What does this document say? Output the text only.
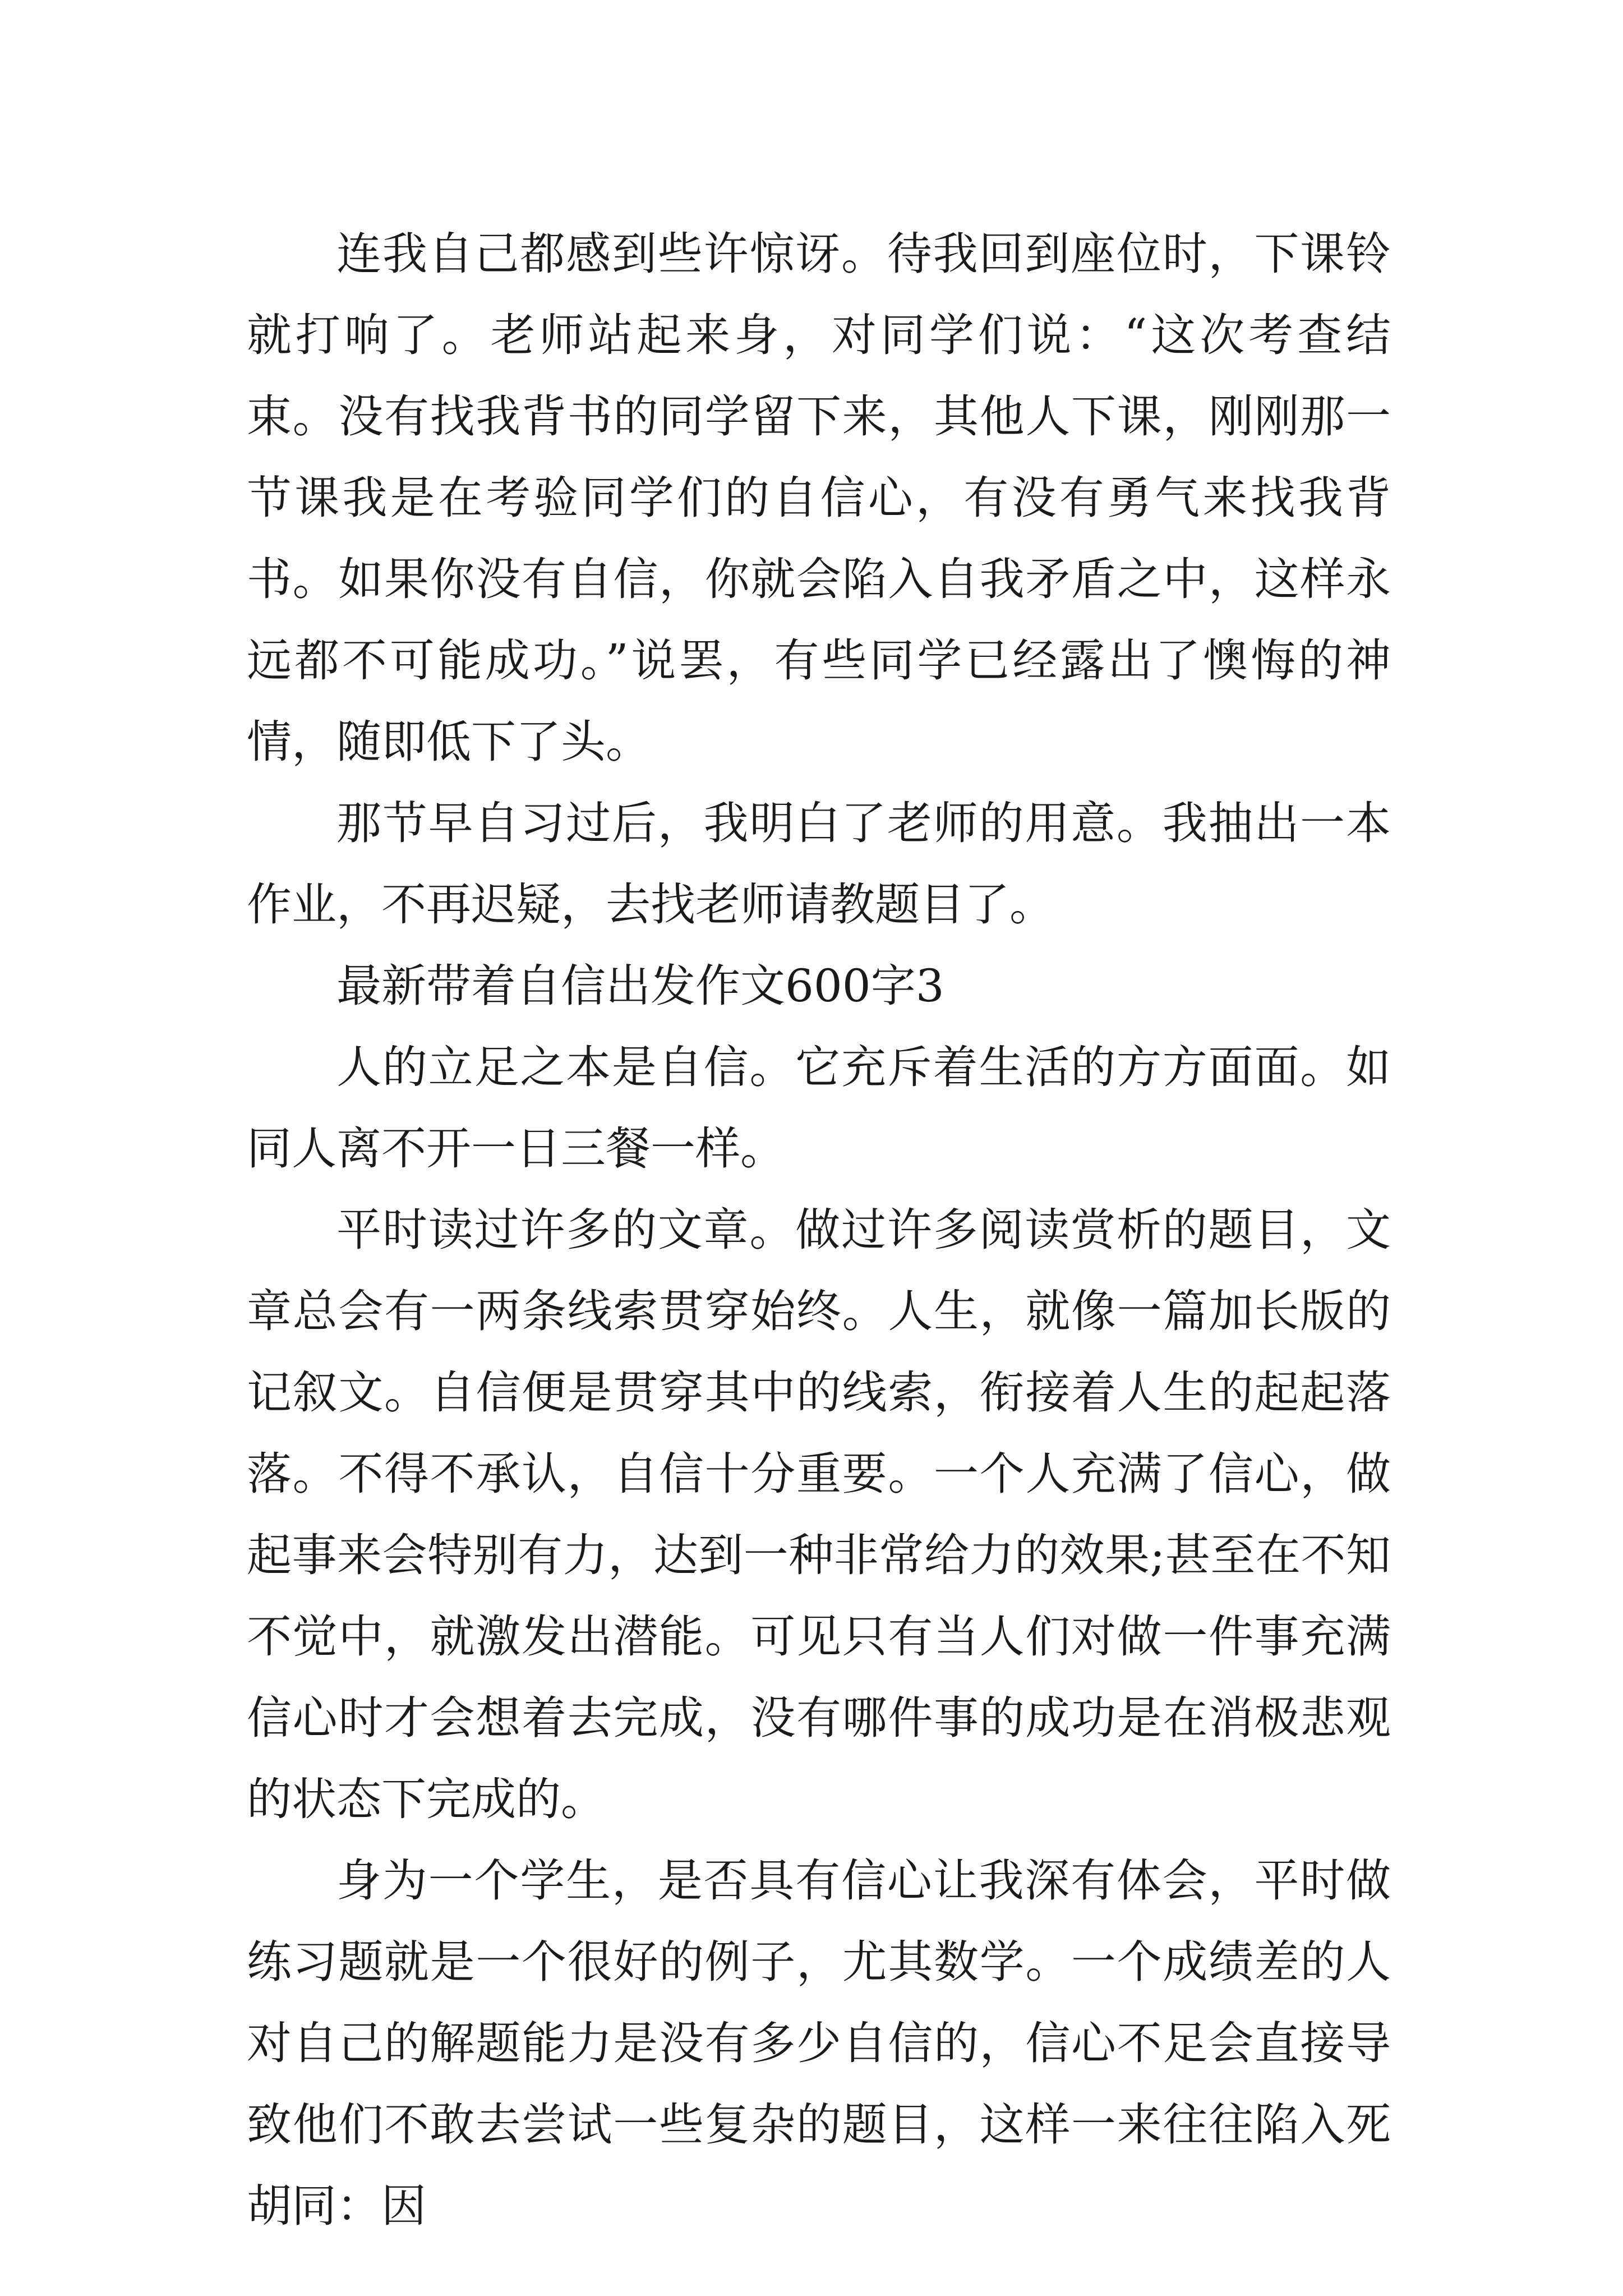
连我自己都感到些许惊讶。待我回到座位时，下课铃就打响了。老师站起来身，对同学们说：“这次考查结束。没有找我背书的同学留下来，其他人下课，刚刚那一节课我是在考验同学们的自信心，有没有勇气来找我背书。如果你没有自信，你就会陷入自我矛盾之中，这样永远都不可能成功。”说罢，有些同学已经露出了懊悔的神情，随即低下了头。

那节早自习过后，我明白了老师的用意。我抽出一本作业，不再迟疑，去找老师请教题目了。

最新带着自信出发作文600字3

人的立足之本是自信。它充斥着生活的方方面面。如同人离不开一日三餐一样。

平时读过许多的文章。做过许多阅读赏析的题目，文章总会有一两条线索贯穿始终。人生，就像一篇加长版的记叙文。自信便是贯穿其中的线索，衔接着人生的起起落落。不得不承认，自信十分重要。一个人充满了信心，做起事来会特别有力，达到一种非常给力的效果;甚至在不知不觉中，就激发出潜能。可见只有当人们对做一件事充满信心时才会想着去完成，没有哪件事的成功是在消极悲观的状态下完成的。

身为一个学生，是否具有信心让我深有体会，平时做练习题就是一个很好的例子，尤其数学。一个成绩差的人对自己的解题能力是没有多少自信的，信心不足会直接导致他们不敢去尝试一些复杂的题目，这样一来往往陷入死胡同：因
